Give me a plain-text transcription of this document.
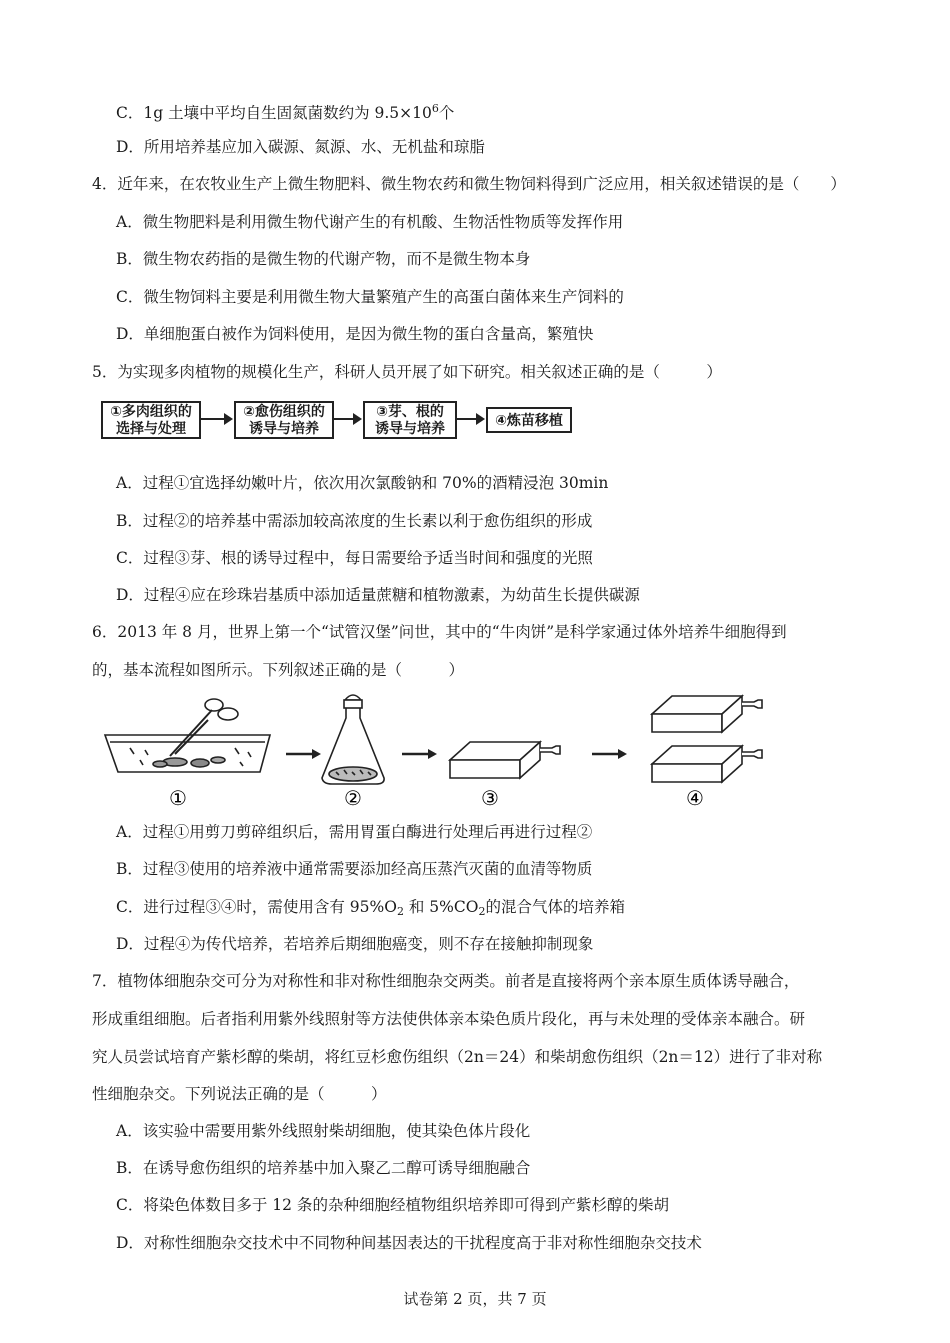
C．1g 土壤中平均自生固氮菌数约为 $9.5\times 10^6$个
D．所用培养基应加入碳源、氮源、水、无机盐和琼脂
4．近年来，在农牧业生产上微生物肥料、微生物农药和微生物饲料得到广泛应用，相关叙述错误的是（　　）
A．微生物肥料是利用微生物代谢产生的有机酸、生物活性物质等发挥作用
B．微生物农药指的是微生物的代谢产物，而不是微生物本身
C．微生物饲料主要是利用微生物大量繁殖产生的高蛋白菌体来生产饲料的
D．单细胞蛋白被作为饲料使用，是因为微生物的蛋白含量高，繁殖快
5．为实现多肉植物的规模化生产，科研人员开展了如下研究。相关叙述正确的是（　　　）
①多肉组织的
选择与处理
②愈伤组织的
诱导与培养
③芽、根的
诱导与培养	④炼苗移植
A．过程①宜选择幼嫩叶片，依次用次氯酸钠和 70%的酒精浸泡 30min
B．过程②的培养基中需添加较高浓度的生长素以利于愈伤组织的形成
C．过程③芽、根的诱导过程中，每日需要给予适当时间和强度的光照
D．过程④应在珍珠岩基质中添加适量蔗糖和植物激素，为幼苗生长提供碳源
6．2013 年 8 月，世界上第一个“试管汉堡”问世，其中的“牛肉饼”是科学家通过体外培养牛细胞得到
的，基本流程如图所示。下列叙述正确的是（　　　）
①	②	③	④
A．过程①用剪刀剪碎组织后，需用胃蛋白酶进行处理后再进行过程②
B．过程③使用的培养液中通常需要添加经高压蒸汽灭菌的血清等物质
C．进行过程③④时，需使用含有 $95\%O_2$ 和 $5\%CO_2$的混合气体的培养箱
D．过程④为传代培养，若培养后期细胞癌变，则不存在接触抑制现象
7．植物体细胞杂交可分为对称性和非对称性细胞杂交两类。前者是直接将两个亲本原生质体诱导融合，
形成重组细胞。后者指利用紫外线照射等方法使供体亲本染色质片段化，再与未处理的受体亲本融合。研
究人员尝试培育产紫杉醇的柴胡，将红豆杉愈伤组织（2n＝24）和柴胡愈伤组织（2n＝12）进行了非对称
性细胞杂交。下列说法正确的是（　　　）
A．该实验中需要用紫外线照射柴胡细胞，使其染色体片段化
B．在诱导愈伤组织的培养基中加入聚乙二醇可诱导细胞融合
C．将染色体数目多于 12 条的杂种细胞经植物组织培养即可得到产紫杉醇的柴胡
D．对称性细胞杂交技术中不同物种间基因表达的干扰程度高于非对称性细胞杂交技术
试卷第 2 页，共 7 页
